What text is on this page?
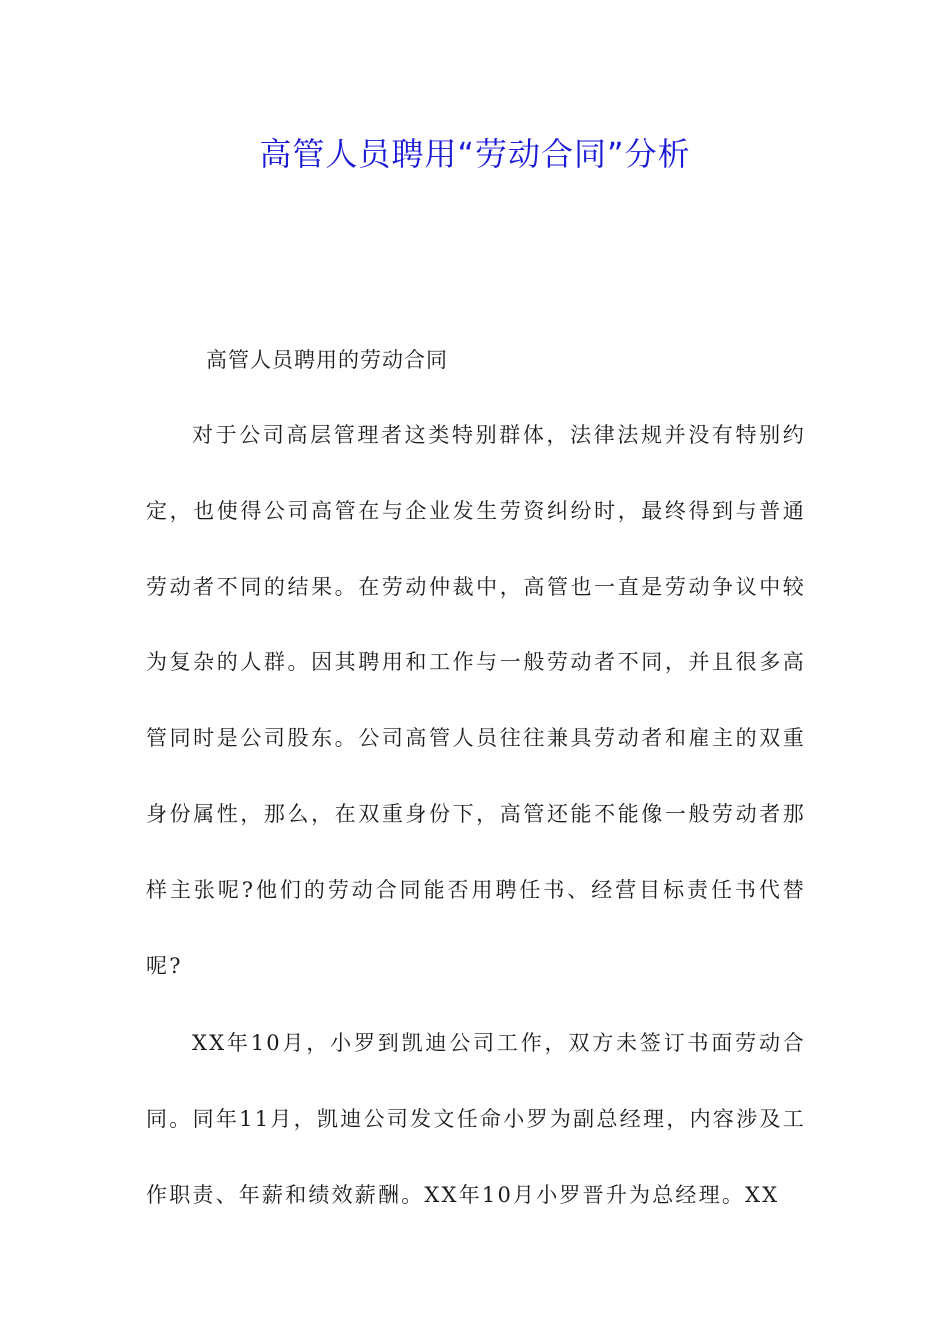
高管人员聘用“劳动合同”分析

高管人员聘用的劳动合同

对于公司高层管理者这类特别群体，法律法规并没有特别约定，也使得公司高管在与企业发生劳资纠纷时，最终得到与普通劳动者不同的结果。在劳动仲裁中，高管也一直是劳动争议中较为复杂的人群。因其聘用和工作与一般劳动者不同，并且很多高管同时是公司股东。公司高管人员往往兼具劳动者和雇主的双重身份属性，那么，在双重身份下，高管还能不能像一般劳动者那样主张呢?他们的劳动合同能否用聘任书、经营目标责任书代替呢?

XX年10月，小罗到凯迪公司工作，双方未签订书面劳动合同。同年11月，凯迪公司发文任命小罗为副总经理，内容涉及工作职责、年薪和绩效薪酬。XX年10月小罗晋升为总经理。XX
